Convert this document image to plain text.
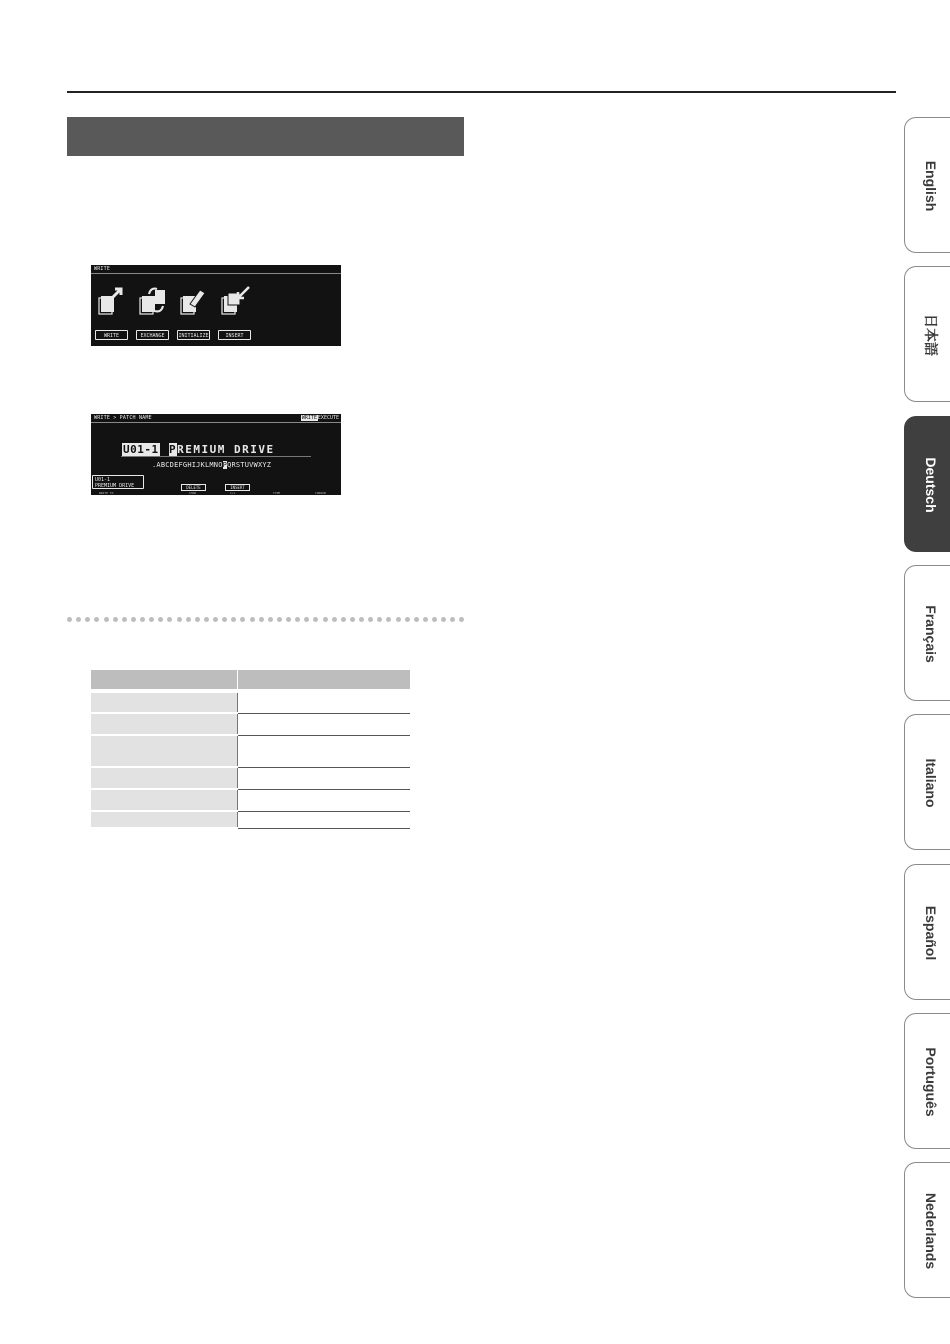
WRITE
WRITE	EXCHANGE	INITIALIZE	INSERT
WRITE > PATCH NAME	WRITEEXECUTE
U01-1 PREMIUM DRIVE
.ABCDEFGHIJKLMNOPQRSTUVWXYZ
U01-1
PREMIUM DRIVE	DELETE	INSERT
WRITE TO	CHAR	C/L	TYPE	CURSOR

English
日本語
Deutsch
Français
Italiano
Español
Português
Nederlands
